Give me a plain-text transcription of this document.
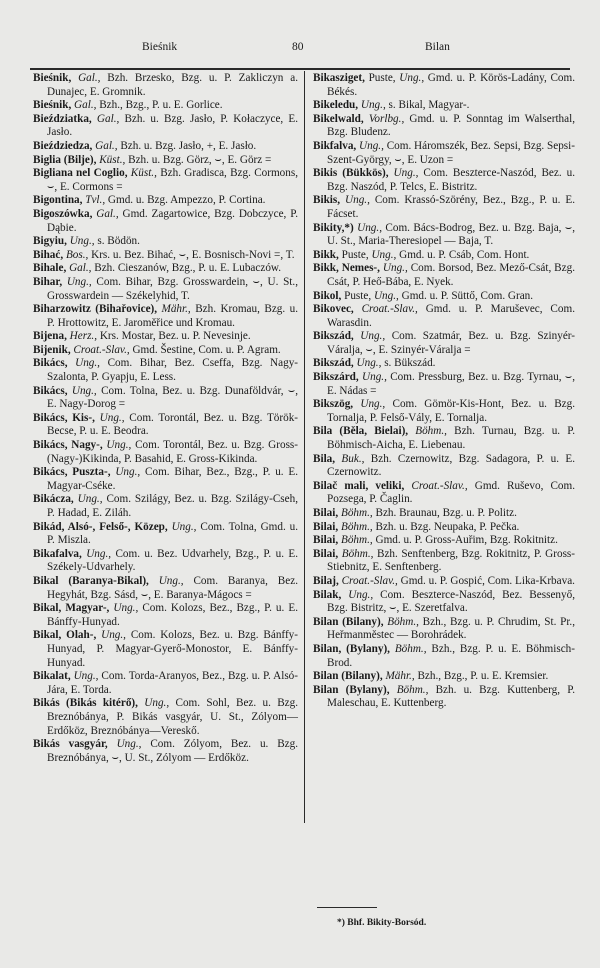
Bieśnik	80	Bilan
Bieśnik, Gal., Bzh. Brzesko, Bzg. u. P. Zakliczyn a. Dunajec, E. Gromnik.
Bieśnik, Gal., Bzh., Bzg., P. u. E. Gorlice.
Bieździatka, Gal., Bzh. u. Bzg. Jasło, P. Kołaczyce, E. Jasło.
Bieździedza, Gal., Bzh. u. Bzg. Jasło, +, E. Jasło.
Biglia (Bilje), Küst., Bzh. u. Bzg. Görz, ⌣, E. Görz =
Bigliana nel Coglio, Küst., Bzh. Gradisca, Bzg. Cormons, ⌣, E. Cormons =
Bigontina, Tvl., Gmd. u. Bzg. Ampezzo, P. Cortina.
Bigoszówka, Gal., Gmd. Zagartowice, Bzg. Dobczyce, P. Dąbie.
Bigyiu, Ung., s. Bödön.
Bihać, Bos., Krs. u. Bez. Bihać, ⌣, E. Bosnisch-Novi =, T.
Bihale, Gal., Bzh. Cieszanów, Bzg., P. u. E. Lubaczów.
Bihar, Ung., Com. Bihar, Bzg. Grosswardein, ⌣, U. St., Grosswardein — Székelyhid, T.
Biharzowitz (Bihařovice), Mähr., Bzh. Kromau, Bzg. u. P. Hrottowitz, E. Jaroměřice und Kromau.
Bijena, Herz., Krs. Mostar, Bez. u. P. Nevesinje.
Bijenik, Croat.-Slav., Gmd. Šestine, Com. u. P. Agram.
Bikács, Ung., Com. Bihar, Bez. Cseffa, Bzg. Nagy-Szalonta, P. Gyapju, E. Less.
Bikács, Ung., Com. Tolna, Bez. u. Bzg. Dunaföldvár, ⌣, E. Nagy-Dorog =
Bikács, Kis-, Ung., Com. Torontál, Bez. u. Bzg. Török-Becse, P. u. E. Beodra.
Bikács, Nagy-, Ung., Com. Torontál, Bez. u. Bzg. Gross-(Nagy-)Kikinda, P. Basahid, E. Gross-Kikinda.
Bikács, Puszta-, Ung., Com. Bihar, Bez., Bzg., P. u. E. Magyar-Cséke.
Bikácza, Ung., Com. Szilágy, Bez. u. Bzg. Szilágy-Cseh, P. Hadad, E. Ziláh.
Bikád, Alsó-, Felső-, Közep, Ung., Com. Tolna, Gmd. u. P. Miszla.
Bikafalva, Ung., Com. u. Bez. Udvarhely, Bzg., P. u. E. Székely-Udvarhely.
Bikal (Baranya-Bikal), Ung., Com. Baranya, Bez. Hegyhát, Bzg. Sásd, ⌣, E. Baranya-Mágocs =
Bikal, Magyar-, Ung., Com. Kolozs, Bez., Bzg., P. u. E. Bánffy-Hunyad.
Bikal, Olah-, Ung., Com. Kolozs, Bez. u. Bzg. Bánffy-Hunyad, P. Magyar-Gyerő-Monostor, E. Bánffy-Hunyad.
Bikalat, Ung., Com. Torda-Aranyos, Bez., Bzg. u. P. Alsó-Jára, E. Torda.
Bikás (Bikás kitérő), Ung., Com. Sohl, Bez. u. Bzg. Breznóbánya, P. Bikás vasgyár, U. St., Zólyom—Erdőköz, Breznóbánya—Vereskő.
Bikás vasgyár, Ung., Com. Zólyom, Bez. u. Bzg. Breznóbánya, ⌣, U. St., Zólyom — Erdőköz.
Bikasziget, Puste, Ung., Gmd. u. P. Körös-Ladány, Com. Békés.
Bikeledu, Ung., s. Bikal, Magyar-.
Bikelwald, Vorlbg., Gmd. u. P. Sonntag im Walserthal, Bzg. Bludenz.
Bikfalva, Ung., Com. Háromszék, Bez. Sepsi, Bzg. Sepsi-Szent-György, ⌣, E. Uzon =
Bikis (Bükkös), Ung., Com. Beszterce-Naszód, Bez. u. Bzg. Naszód, P. Telcs, E. Bistritz.
Bikis, Ung., Com. Krassó-Szörény, Bez., Bzg., P. u. E. Fácset.
Bikity,*) Ung., Com. Bács-Bodrog, Bez. u. Bzg. Baja, ⌣, U. St., Maria-Theresiopel — Baja, T.
Bikk, Puste, Ung., Gmd. u. P. Csáb, Com. Hont.
Bikk, Nemes-, Ung., Com. Borsod, Bez. Mező-Csát, Bzg. Csát, P. Heő-Bába, E. Nyek.
Bikol, Puste, Ung., Gmd. u. P. Süttő, Com. Gran.
Bikovec, Croat.-Slav., Gmd. u. P. Maruševec, Com. Warasdin.
Bikszád, Ung., Com. Szatmár, Bez. u. Bzg. Szinyér-Váralja, ⌣, E. Szinyér-Váralja =
Bikszád, Ung., s. Bükszád.
Bikszárd, Ung., Com. Pressburg, Bez. u. Bzg. Tyrnau, ⌣, E. Nádas =
Bikszög, Ung., Com. Gömör-Kis-Hont, Bez. u. Bzg. Tornalja, P. Felső-Vály, E. Tornalja.
Bila (Běla, Bielai), Böhm., Bzh. Turnau, Bzg. u. P. Böhmisch-Aicha, E. Liebenau.
Bila, Buk., Bzh. Czernowitz, Bzg. Sadagora, P. u. E. Czernowitz.
Bilač mali, veliki, Croat.-Slav., Gmd. Ruševo, Com. Pozsega, P. Čaglin.
Bilai, Böhm., Bzh. Braunau, Bzg. u. P. Politz.
Bilai, Böhm., Bzh. u. Bzg. Neupaka, P. Pečka.
Bilai, Böhm., Gmd. u. P. Gross-Auřim, Bzg. Rokitnitz.
Bilai, Böhm., Bzh. Senftenberg, Bzg. Rokitnitz, P. Gross-Stiebnitz, E. Senftenberg.
Bilaj, Croat.-Slav., Gmd. u. P. Gospić, Com. Lika-Krbava.
Bilak, Ung., Com. Beszterce-Naszód, Bez. Bessenyő, Bzg. Bistritz, ⌣, E. Szeretfalva.
Bilan (Bilany), Böhm., Bzh., Bzg. u. P. Chrudim, St. Pr., Heřmanměstec — Borohrádek.
Bilan, (Bylany), Böhm., Bzh., Bzg. P. u. E. Böhmisch-Brod.
Bilan (Bilany), Mähr., Bzh., Bzg., P. u. E. Kremsier.
Bilan (Bylany), Böhm., Bzh. u. Bzg. Kuttenberg, P. Maleschau, E. Kuttenberg.
*) Bhf. Bikity-Borsód.
